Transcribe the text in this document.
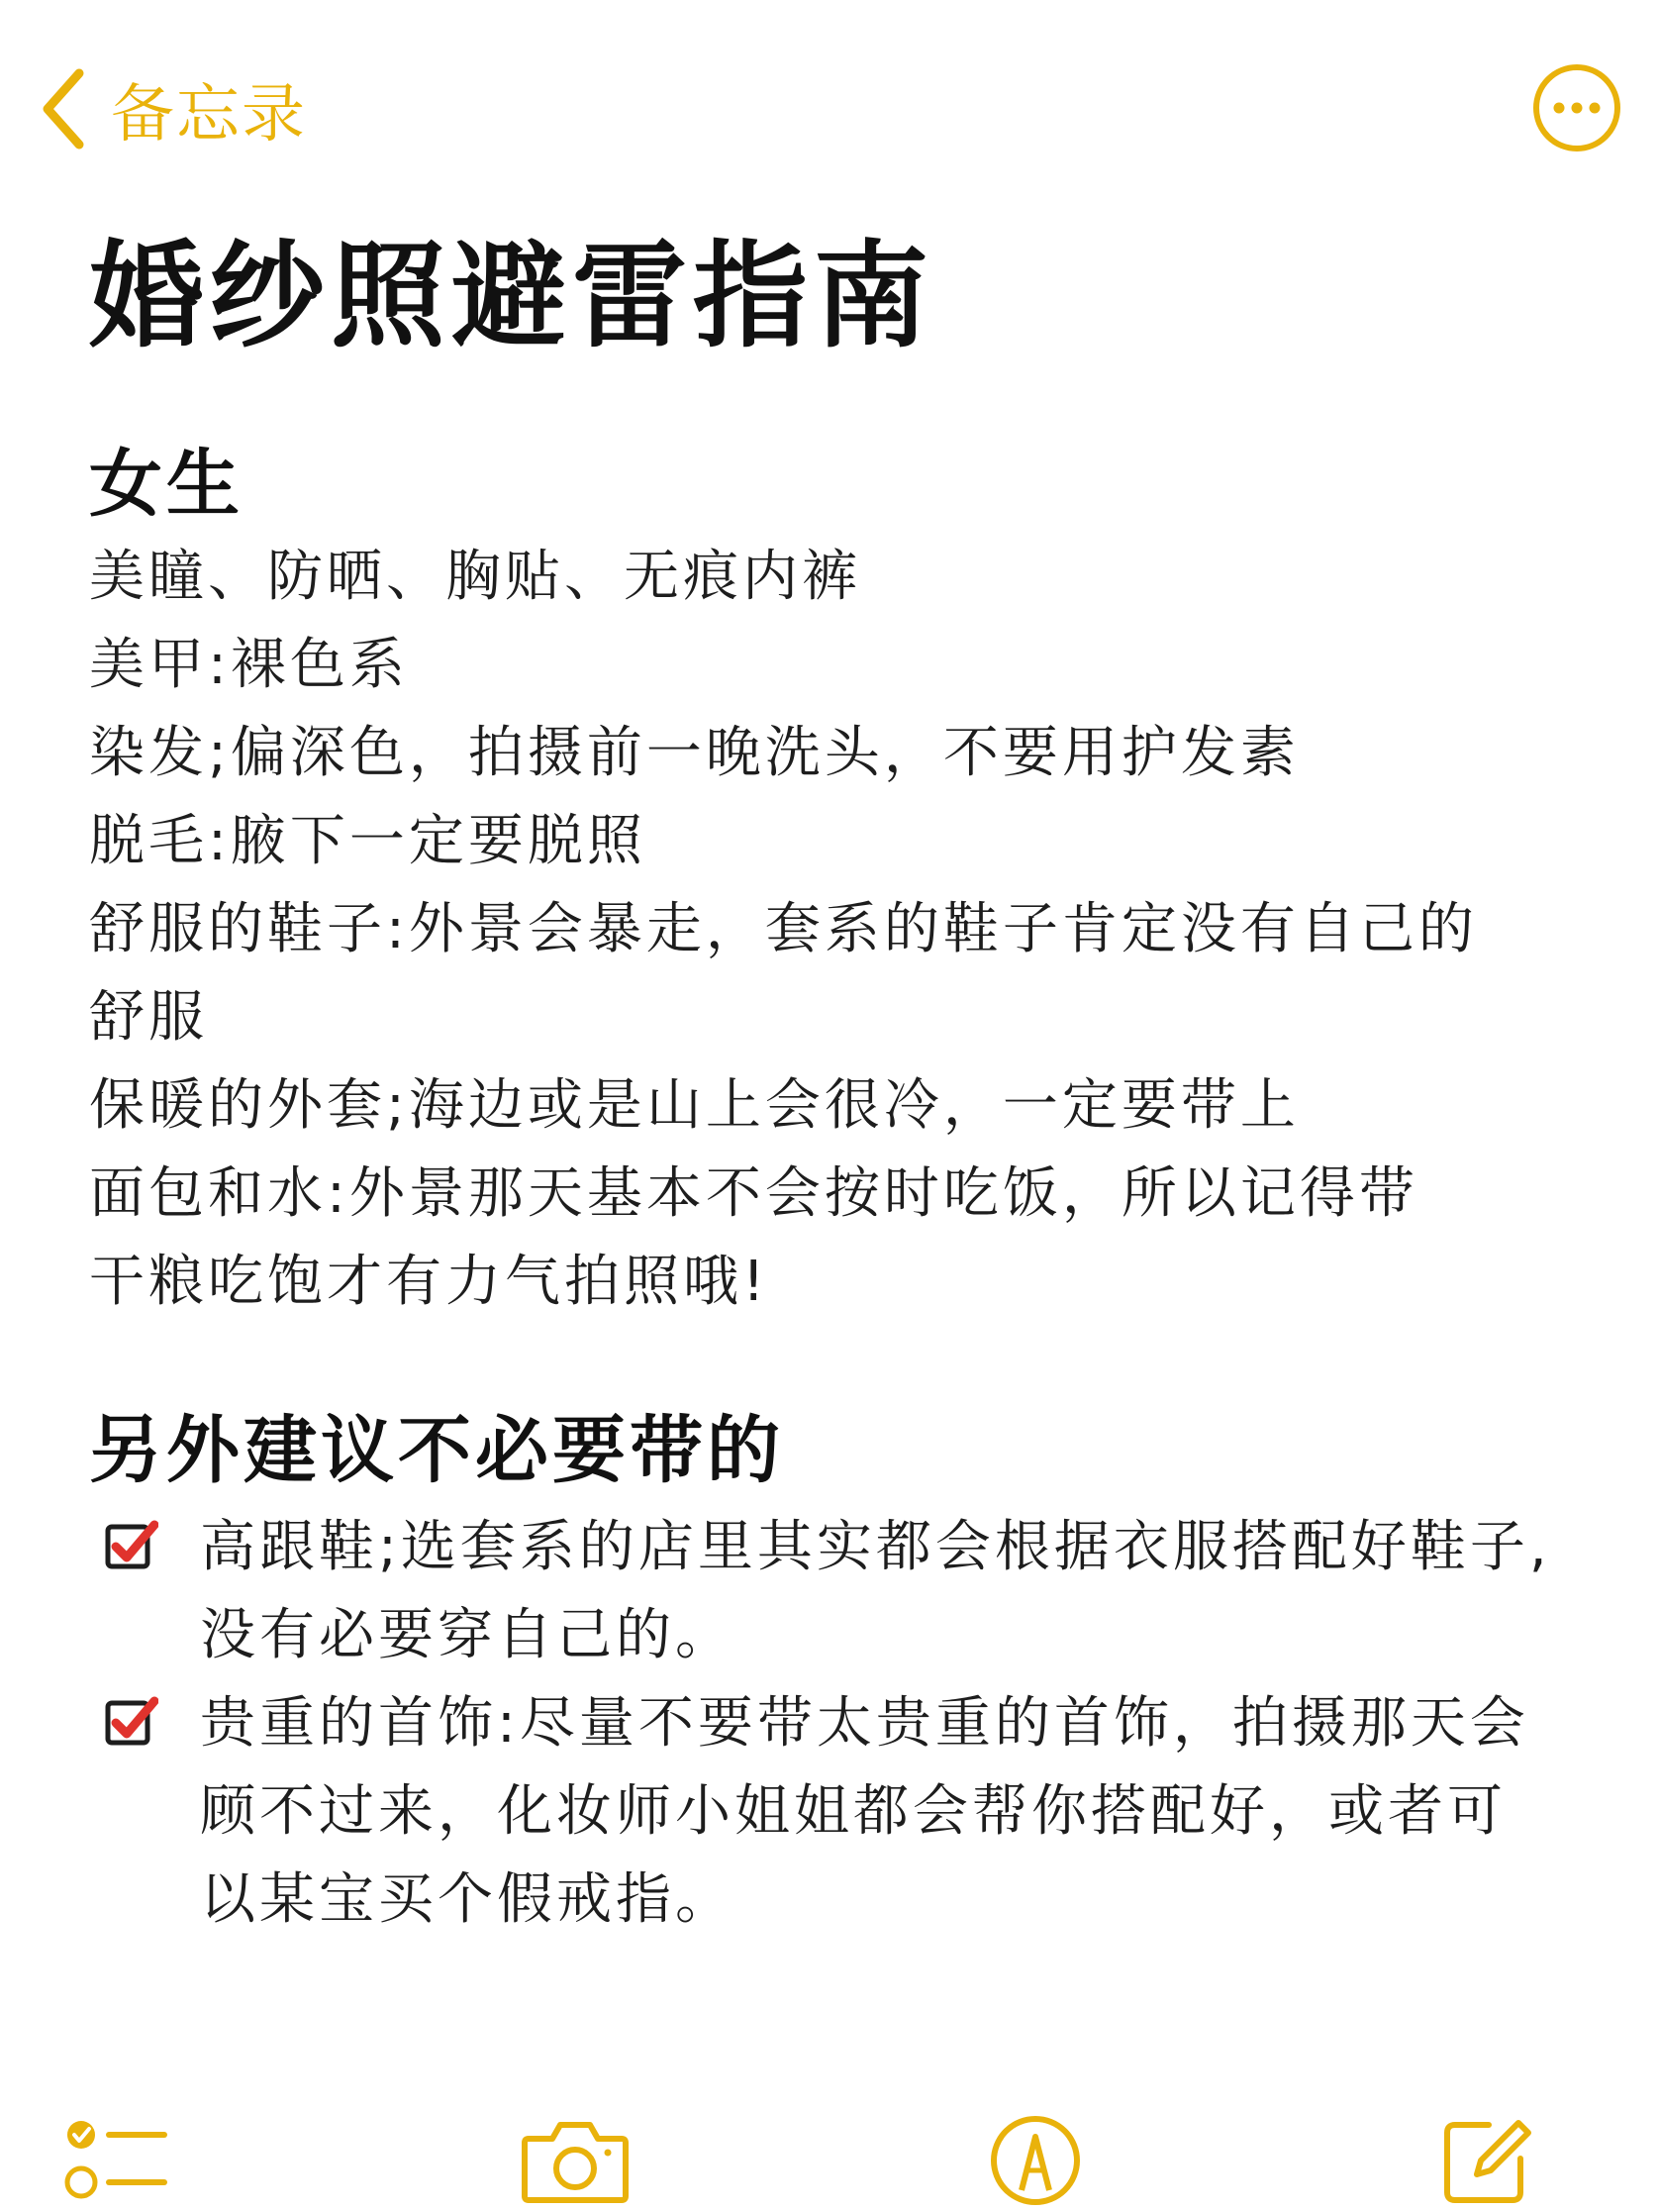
备忘录
婚纱照避雷指南
女生
美瞳、防晒、胸贴、无痕内裤
美甲:裸色系
染发;偏深色，拍摄前一晚洗头，不要用护发素
脱毛:腋下一定要脱照
舒服的鞋子:外景会暴走，套系的鞋子肯定没有自己的
舒服
保暖的外套;海边或是山上会很冷，一定要带上
面包和水:外景那天基本不会按时吃饭，所以记得带
干粮吃饱才有力气拍照哦!
另外建议不必要带的
高跟鞋;选套系的店里其实都会根据衣服搭配好鞋子,
没有必要穿自己的。
贵重的首饰:尽量不要带太贵重的首饰，拍摄那天会
顾不过来，化妆师小姐姐都会帮你搭配好，或者可
以某宝买个假戒指。
